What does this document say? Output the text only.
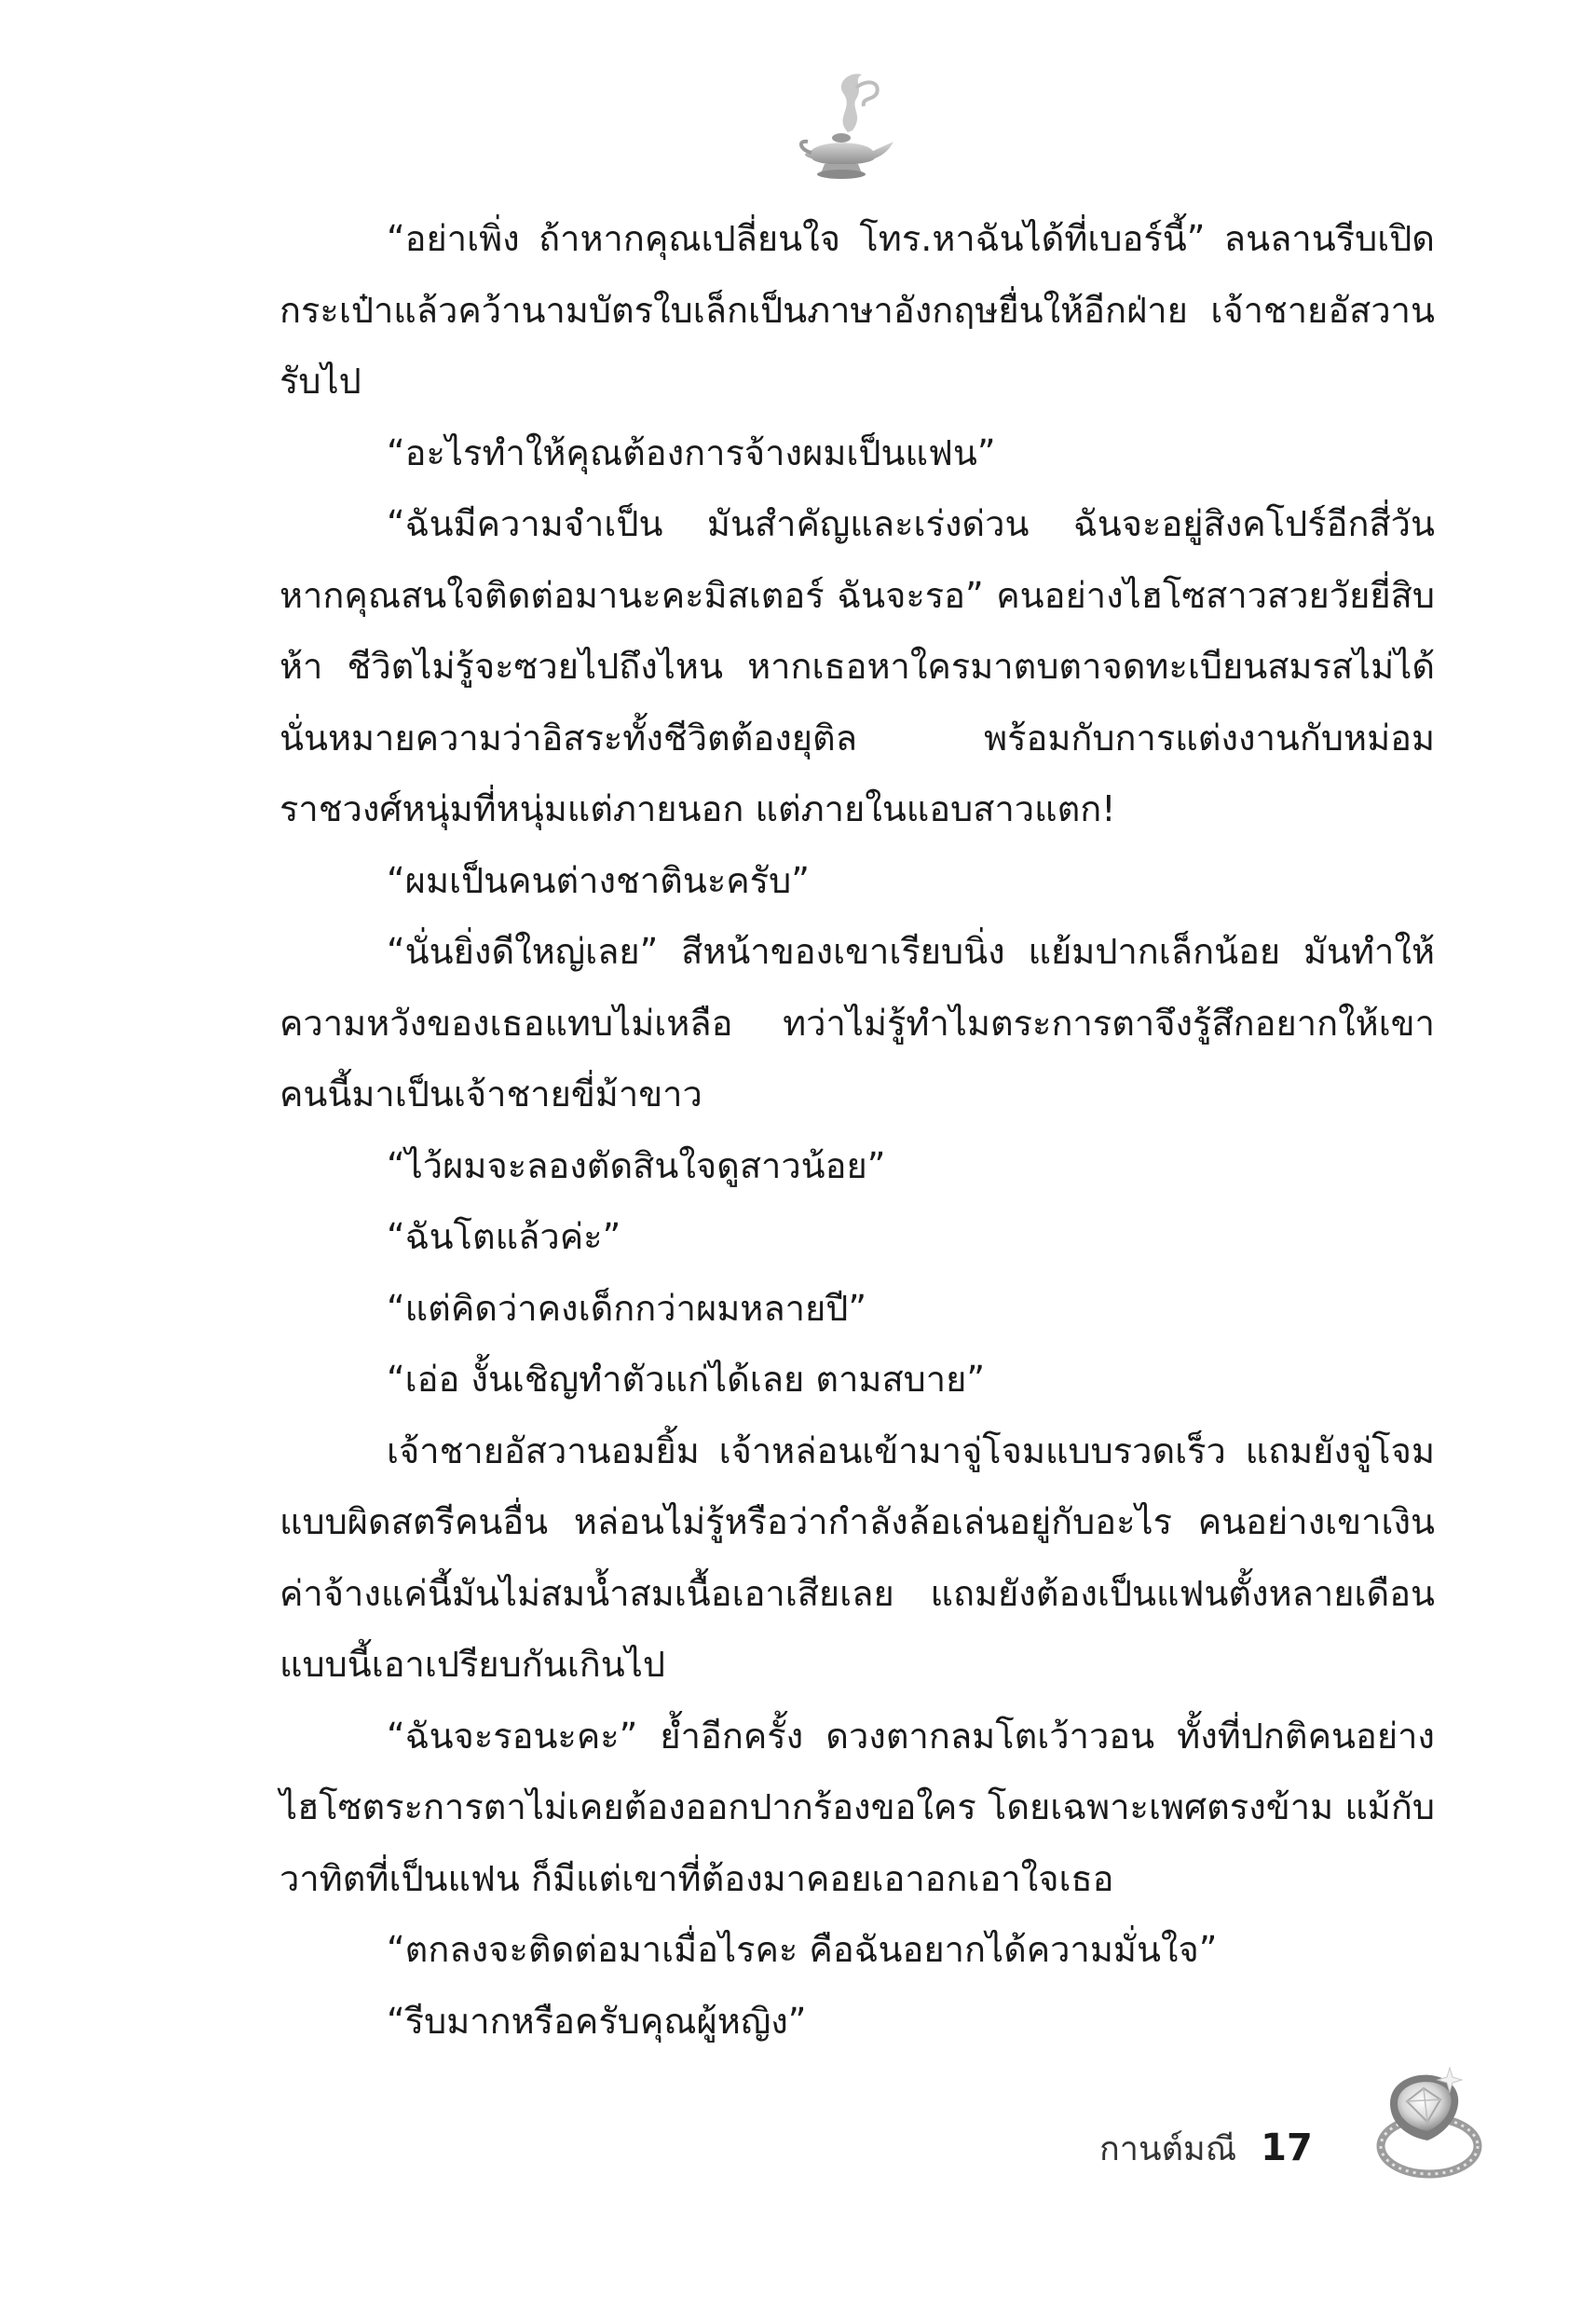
“อย่าเพิ่ง ถ้าหากคุณเปลี่ยนใจ โทร.หาฉันได้ที่เบอร์นี้” ลนลานรีบเปิดกระเป๋าแล้วคว้านามบัตรใบเล็กเป็นภาษาอังกฤษยื่นให้อีกฝ่าย เจ้าชายอัสวานรับไป

“อะไรทำให้คุณต้องการจ้างผมเป็นแฟน”

“ฉันมีความจำเป็น มันสำคัญและเร่งด่วน ฉันจะอยู่สิงคโปร์อีกสี่วัน หากคุณสนใจติดต่อมานะคะมิสเตอร์ ฉันจะรอ” คนอย่างไฮโซสาวสวยวัยยี่สิบห้า ชีวิตไม่รู้จะซวยไปถึงไหน หากเธอหาใครมาตบตาจดทะเบียนสมรสไม่ได้ นั่นหมายความว่าอิสระทั้งชีวิตต้องยุติล พร้อมกับการแต่งงานกับหม่อมราชวงศ์หนุ่มที่หนุ่มแต่ภายนอก แต่ภายในแอบสาวแตก!

“ผมเป็นคนต่างชาตินะครับ”

“นั่นยิ่งดีใหญ่เลย” สีหน้าของเขาเรียบนิ่ง แย้มปากเล็กน้อย มันทำให้ความหวังของเธอแทบไม่เหลือ ทว่าไม่รู้ทำไมตระการตาจึงรู้สึกอยากให้เขาคนนี้มาเป็นเจ้าชายขี่ม้าขาว

“ไว้ผมจะลองตัดสินใจดูสาวน้อย”

“ฉันโตแล้วค่ะ”

“แต่คิดว่าคงเด็กกว่าผมหลายปี”

“เอ่อ งั้นเชิญทำตัวแก่ได้เลย ตามสบาย”

เจ้าชายอัสวานอมยิ้ม เจ้าหล่อนเข้ามาจู่โจมแบบรวดเร็ว แถมยังจู่โจมแบบผิดสตรีคนอื่น หล่อนไม่รู้หรือว่ากำลังล้อเล่นอยู่กับอะไร คนอย่างเขาเงินค่าจ้างแค่นี้มันไม่สมน้ำสมเนื้อเอาเสียเลย แถมยังต้องเป็นแฟนตั้งหลายเดือน แบบนี้เอาเปรียบกันเกินไป

“ฉันจะรอนะคะ” ย้ำอีกครั้ง ดวงตากลมโตเว้าวอน ทั้งที่ปกติคนอย่างไฮโซตระการตาไม่เคยต้องออกปากร้องขอใคร โดยเฉพาะเพศตรงข้าม แม้กับวาทิตที่เป็นแฟน ก็มีแต่เขาที่ต้องมาคอยเอาอกเอาใจเธอ

“ตกลงจะติดต่อมาเมื่อไรคะ คือฉันอยากได้ความมั่นใจ”

“รีบมากหรือครับคุณผู้หญิง”

กานต์มณี 17
